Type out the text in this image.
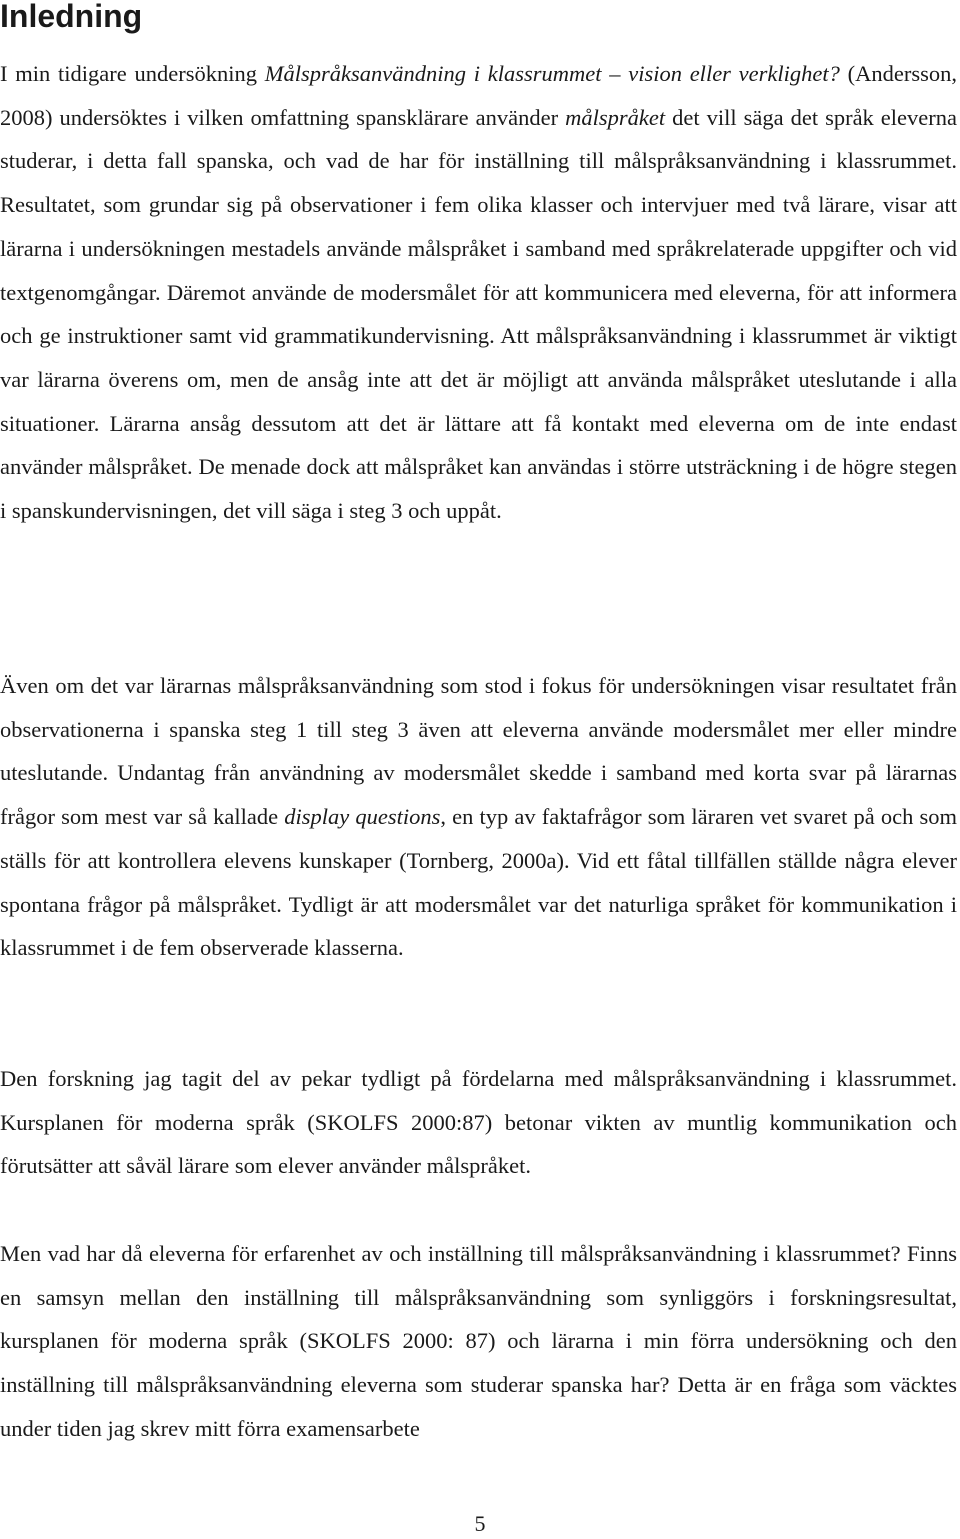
Inledning

I min tidigare undersökning Målspråksanvändning i klassrummet – vision eller verklighet? (Andersson, 2008) undersöktes i vilken omfattning spansklärare använder målspråket det vill säga det språk eleverna studerar, i detta fall spanska, och vad de har för inställning till målspråksanvändning i klassrummet. Resultatet, som grundar sig på observationer i fem olika klasser och intervjuer med två lärare, visar att lärarna i undersökningen mestadels använde målspråket i samband med språkrelaterade uppgifter och vid textgenomgångar. Däremot använde de modersmålet för att kommunicera med eleverna, för att informera och ge instruktioner samt vid grammatikundervisning. Att målspråksanvändning i klassrummet är viktigt var lärarna överens om, men de ansåg inte att det är möjligt att använda målspråket uteslutande i alla situationer. Lärarna ansåg dessutom att det är lättare att få kontakt med eleverna om de inte endast använder målspråket. De menade dock att målspråket kan användas i större utsträckning i de högre stegen i spanskundervisningen, det vill säga i steg 3 och uppåt.

Även om det var lärarnas målspråksanvändning som stod i fokus för undersökningen visar resultatet från observationerna i spanska steg 1 till steg 3 även att eleverna använde modersmålet mer eller mindre uteslutande. Undantag från användning av modersmålet skedde i samband med korta svar på lärarnas frågor som mest var så kallade display questions, en typ av faktafrågor som läraren vet svaret på och som ställs för att kontrollera elevens kunskaper (Tornberg, 2000a). Vid ett fåtal tillfällen ställde några elever spontana frågor på målspråket. Tydligt är att modersmålet var det naturliga språket för kommunikation i klassrummet i de fem observerade klasserna.

Den forskning jag tagit del av pekar tydligt på fördelarna med målspråksanvändning i klassrummet. Kursplanen för moderna språk (SKOLFS 2000:87) betonar vikten av muntlig kommunikation och förutsätter att såväl lärare som elever använder målspråket.

Men vad har då eleverna för erfarenhet av och inställning till målspråksanvändning i klassrummet? Finns en samsyn mellan den inställning till målspråksanvändning som synliggörs i forskningsresultat, kursplanen för moderna språk (SKOLFS 2000: 87) och lärarna i min förra undersökning och den inställning till målspråksanvändning eleverna som studerar spanska har? Detta är en fråga som väcktes under tiden jag skrev mitt förra examensarbete

5
